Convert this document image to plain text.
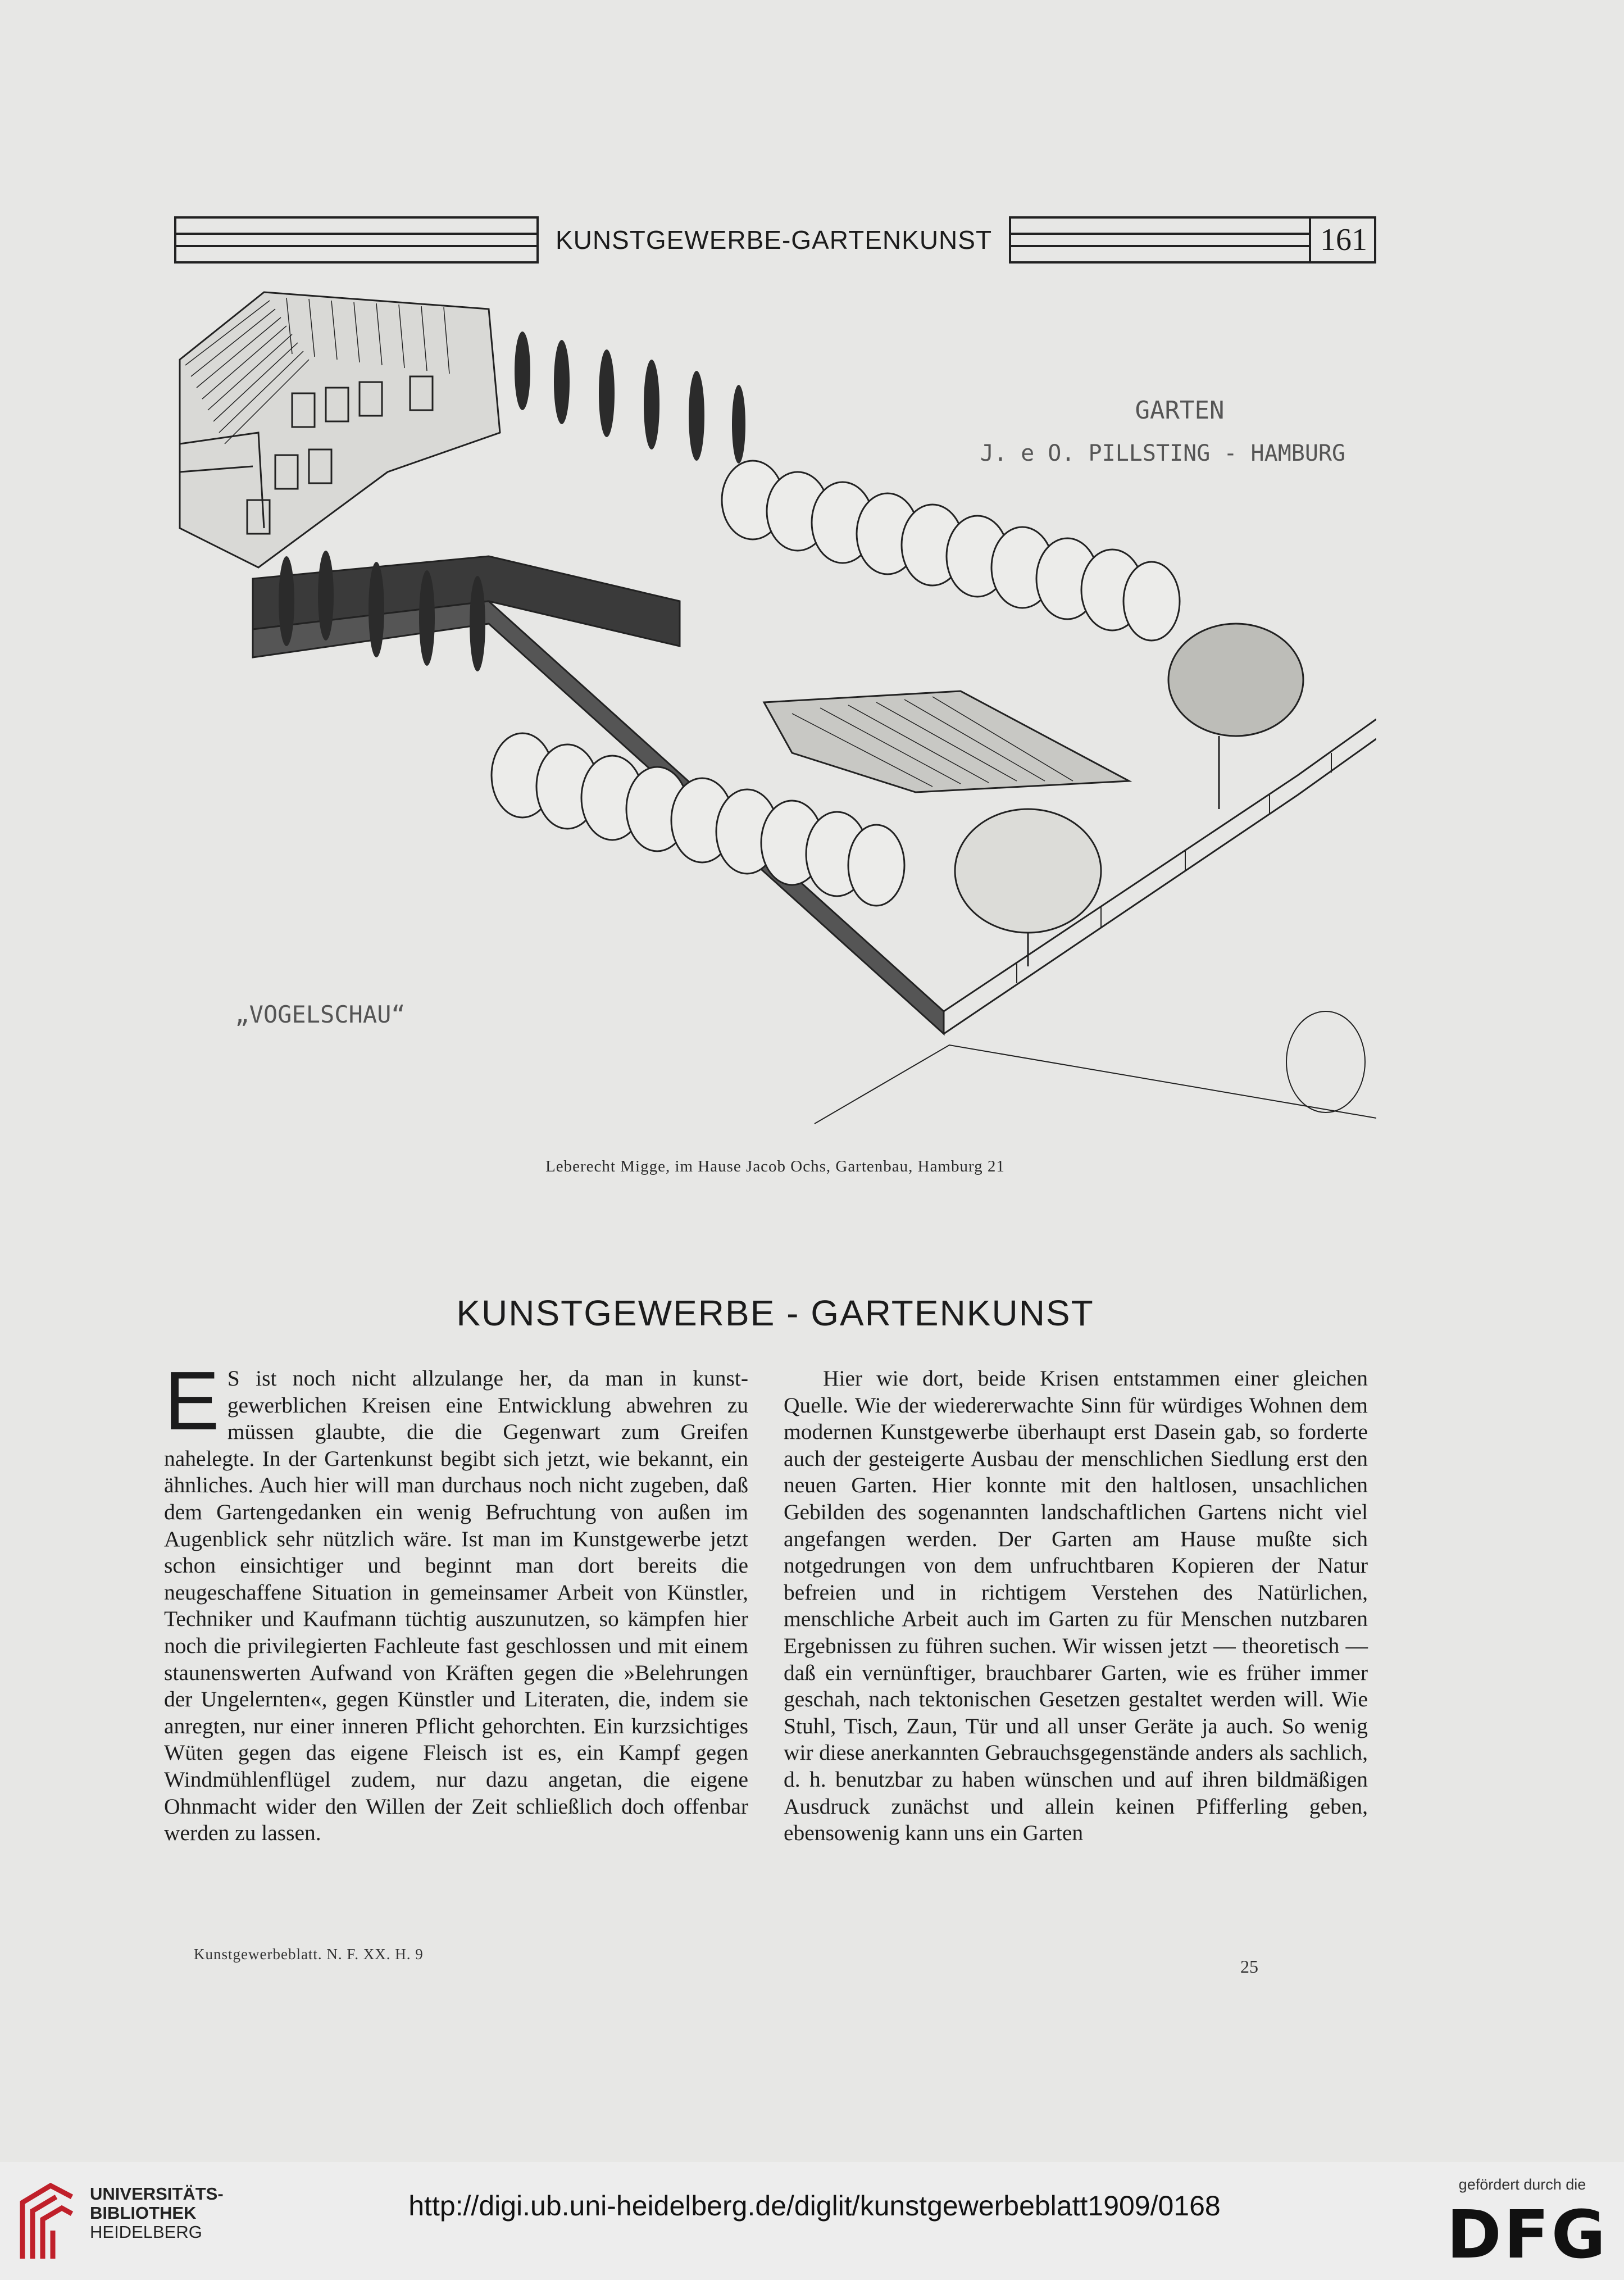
KUNSTGEWERBE-GARTENKUNST	161
GARTEN
J. e O. PILLSTING - HAMBURG
„VOGELSCHAU“
Leberecht Migge, im Hause Jacob Ochs, Gartenbau, Hamburg 21
KUNSTGEWERBE - GARTENKUNST
E S ist noch nicht allzulange her, da man in kunstgewerblichen Kreisen eine Entwicklung abwehren zu müssen glaubte, die die Gegenwart zum Greifen nahelegte. In der Gartenkunst begibt sich jetzt, wie bekannt, ein ähnliches. Auch hier will man durchaus noch nicht zugeben, daß dem Gartengedanken ein wenig Befruchtung von außen im Augenblick sehr nützlich wäre. Ist man im Kunstgewerbe jetzt schon einsichtiger und beginnt man dort bereits die neugeschaffene Situation in gemeinsamer Arbeit von Künstler, Techniker und Kaufmann tüchtig auszunutzen, so kämpfen hier noch die privilegierten Fachleute fast geschlossen und mit einem staunenswerten Aufwand von Kräften gegen die »Belehrungen der Ungelernten«, gegen Künstler und Literaten, die, indem sie anregten, nur einer inneren Pflicht gehorchten. Ein kurzsichtiges Wüten gegen das eigene Fleisch ist es, ein Kampf gegen Windmühlenflügel zudem, nur dazu angetan, die eigene Ohnmacht wider den Willen der Zeit schließlich doch offenbar werden zu lassen.
Hier wie dort, beide Krisen entstammen einer gleichen Quelle. Wie der wiedererwachte Sinn für würdiges Wohnen dem modernen Kunstgewerbe überhaupt erst Dasein gab, so forderte auch der gesteigerte Ausbau der menschlichen Siedlung erst den neuen Garten. Hier konnte mit den haltlosen, unsachlichen Gebilden des sogenannten landschaftlichen Gartens nicht viel angefangen werden. Der Garten am Hause mußte sich notgedrungen von dem unfruchtbaren Kopieren der Natur befreien und in richtigem Verstehen des Natürlichen, menschliche Arbeit auch im Garten zu für Menschen nutzbaren Ergebnissen zu führen suchen. Wir wissen jetzt — theoretisch — daß ein vernünftiger, brauchbarer Garten, wie es früher immer geschah, nach tektonischen Gesetzen gestaltet werden will. Wie Stuhl, Tisch, Zaun, Tür und all unser Geräte ja auch. So wenig wir diese anerkannten Gebrauchsgegenstände anders als sachlich, d. h. benutzbar zu haben wünschen und auf ihren bildmäßigen Ausdruck zunächst und allein keinen Pfifferling geben, ebensowenig kann uns ein Garten
Kunstgewerbeblatt. N. F. XX. H. 9
25
UNIVERSITÄTS-
BIBLIOTHEK
HEIDELBERG
http://digi.ub.uni-heidelberg.de/diglit/kunstgewerbeblatt1909/0168
gefördert durch die
DFG
